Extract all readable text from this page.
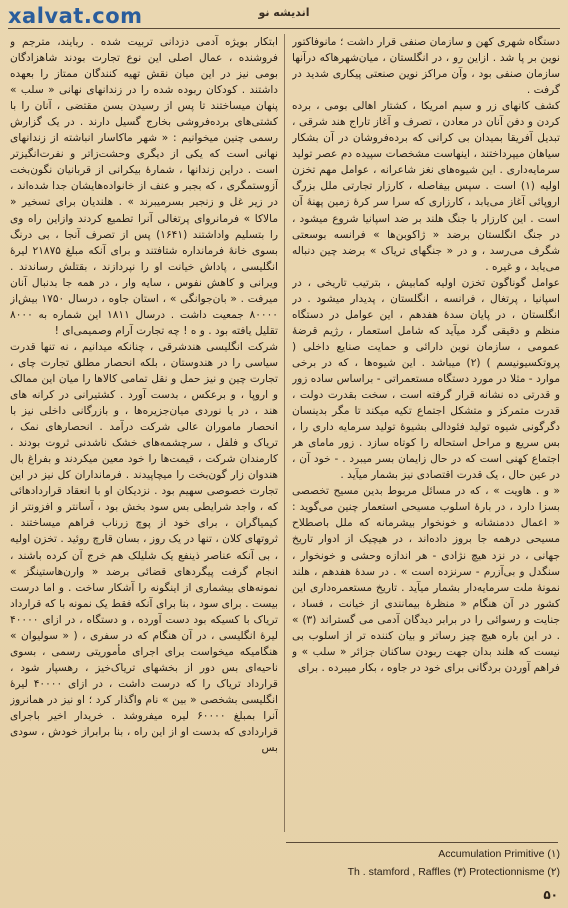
xalvat.com	اندیشه نو

دستگاه شهری کهن و سازمان صنفی قرار داشت ؛ مانوفاکتور نوین بر پا شد . ازاین رو ، در انگلستان ، میان‌شهرهاکه درآنها سازمان صنفی بود ، وآن مراکز نوین صنعتی پیکاری شدید در گرفت .

کشف کانهای زر و سیم امریکا ، کشتار اهالی بومی ، برده کردن و دفن آنان در معادن ، تصرف و آغاز تاراج هند شرقی ، تبدیل آفریقا بمیدان بی کرانی که برده‌فروشان در آن بشکار سیاهان میپرداختند ، اینهاست مشخصات سپیده دم عصر تولید سرمایه‌داری . این شیوه‌های نغز شاعرانه ، عوامل مهم تخزن اولیه (۱) است . سپس بیفاصله ، کارزار تجارتی ملل بزرگ اروپائی آغاز می‌یابد ، کارزاری که سرا سر کرهٔ زمین پهنهٔ آن است . این کارزار با جنگ هلند بر ضد اسپانیا شروع میشود ، در جنگ انگلستان برضد « ژاکوبن‌ها » فرانسه بوسعتی شگرف می‌رسد ، و در « جنگهای تریاک » برضد چین دنباله می‌یابد ، و غیره .

عوامل گوناگون تخزن اولیه کمابیش ، بترتیب تاریخی ، در اسپانیا ، پرتغال ، فرانسه ، انگلستان ، پدیدار میشود . در انگلستان ، در پایان سدهٔ هفدهم ، این عوامل در دستگاه منظم و دقیقی گرد میآید که شامل استعمار ، رژیم قرضهٔ عمومی ، سازمان نوین دارائی و حمایت صنایع داخلی ( پروتکسیونیسم ) (۲) میباشد . این شیوه‌ها ، که در برخی موارد - مثلا در مورد دستگاه مستعمراتی - براساس ساده زور و قدرتی ده نشانه قرار گرفته است ، سخت بقدرت دولت ، قدرت متمرکز و متشکل اجتماع تکیه میکند تا مگر بدینسان دگرگونی شیوه تولید فئودالی بشیوهٔ تولید سرمایه داری را ، بس سریع و مراحل استحاله را کوتاه سازد . زور مامای هر اجتماع کهنی است که در حال زایمان بسر میبرد . - خود آن ، در عین حال ، یک قدرت اقتصادی نیز بشمار میآید .

« و . هاویت » ، که در مسائل مربوط بدین مسیح تخصصی بسزا دارد ، در بارهٔ اسلوب مسیحی استعمار چنین می‌گوید : « اعمال ددمنشانه و خونخوار بیشرمانه که ملل باصطلاح مسیحی درهمه جا بروز داده‌اند ، در هیچیک از ادوار تاریخ جهانی ، در نزد هیچ نژادی - هر اندازه وحشی و خونخوار ، سنگدل و بی‌آزرم - سرنزده است » . در سدهٔ هفدهم ، هلند نمونهٔ ملت سرمایه‌دار بشمار میآید . تاریخ مستعمره‌داری این کشور در آن هنگام « منظرهٔ بیمانندی از خیانت ، فساد ، جنایت و رسوائی را در برابر دیدگان آدمی می گستراند (۳) » . در این باره هیچ چیز رساتر و بیان کننده تر از اسلوب بی نیست که هلند بدان جهت ربودن ساکنان جزائر « سلب » و فراهم آوردن بردگانی برای خود در جاوه ، بکار میبرده . برای

ابتکار بویژه آدمی دزدانی تربیت شده . ربایند، مترجم و فروشنده ، عمال اصلی این نوع تجارت بودند شاهزادگان بومی نیز در این میان نقش تهیه کنندگان ممتاز را بعهده داشتند . کودکان ربوده شده را در زندانهای نهانی « سلب » پنهان میساختند تا پس از رسیدن بسن مقتضی ، آنان را با کشتی‌های برده‌فروشی بخارج گسیل دارند . در یک گزارش رسمی چنین میخوانیم : « شهر ماکاسار انباشته از زندانهای نهانی است که یکی از دیگری وحشت‌زاتر و نفرت‌انگیزتر است . دراین زندانها ، شمارهٔ بیکرانی از قربانیان نگون‌بخت آزوستمگری ، که بجبر و عنف از خانواده‌هایشان جدا شده‌اند ، در زیر غل و زنجیر بسرمیبرند » . هلندیان برای تسخیر « مالاکا » فرمانروای پرتغالی آنرا تطمیع کردند وازاین راه وی را بتسلیم واداشتند (۱۶۴۱) پس از تصرف آنجا ، بی درنگ بسوی خانهٔ فرمانداره شتافتند و برای آنکه مبلغ ۲۱۸۷۵ لیرهٔ انگلیسی ، پاداش خیانت او را نپردازند ، بقتلش رساندند . ویرانی و کاهش نفوس ، سایه وار ، در همه جا بدنبال آنان میرفت . « بان‌جوانگی » ، استان جاوه ، درسال ۱۷۵۰ بیش‌از ۸۰۰۰۰ جمعیت داشت . درسال ۱۸۱۱ این شماره به ۸۰۰۰ تقلیل یافته بود . و ه ! چه تجارت آرام وصمیمی‌ای !

شرکت انگلیسی هندشرقی ، چنانکه میدانیم ، نه تنها قدرت سیاسی را در هندوستان ، بلکه انحصار مطلق تجارت چای ، تجارت چین و نیز حمل و نقل تمامی کالاها را میان این ممالک و اروپا ، و برعکس ، بدست آورد . کشتیرانی در کرانه های هند ، در یا نوردی میان‌جزیره‌ها ، و بازرگانی داخلی نیز با انحصار ماموران عالی شرکت درآمد . انحصارهای نمک ، تریاک و فلفل ، سرچشمه‌های خشک ناشدنی ثروت بودند . کارمندان شرکت ، قیمت‌ها را خود معین میکردند و بفراغ بال هندوان زار گون‌بخت را میچاپیدند . فرمانداران کل نیز در این تجارت خصوصی سهیم بود . نزدیکان او با انعقاد قراردادهائی که ، واجد شرایطی بس سود بخش بود ، آسانتر و افزونتر از کیمیاگران ، برای خود از پوچ زرناب فراهم میساختند . ثروتهای کلان ، تنها در یک روز ، بسان قارچ روئید . تخزن اولیه ، بی آنکه عناصر ذینفع یک شلیلک هم خرج آن کرده باشند ، انجام گرفت پیگردهای قضائی برضد « وارن‌هاستینگز » نمونه‌های بیشماری از اینگونه را آشکار ساخت . و اما درست بیست . برای سود ، بنا برای آنکه فقط یک نمونه با که قرارداد تریاک با کسیکه بود دست آورده ، و دستگاه ، در ازای ۴۰۰۰۰ لیرهٔ انگلیسی ، در آن هنگام که در سفری ، ( « سولیوان » هنگامیکه میخواست برای اجرای مأموریتی رسمی ، بسوی ناحیه‌ای بس دور از بخشهای تریاک‌خیز ، رهسپار شود ، قرارداد تریاک را که درست داشت ، در ازای ۴۰۰۰۰ لیرهٔ انگلیسی بشخصی « بین » نام واگذار کرد ؛ او نیز در همانروز آنرا بمبلغ ۶۰۰۰۰ لیره میفروشد . خریدار اخیر باجرای قراردادی که بدست او از این راه ، بنا برابراز خودش ، سودی بس

Accumulation Primitive (۱)
Th . stamford , Raffles (۳) Protectionnisme (۲)
۵۰
